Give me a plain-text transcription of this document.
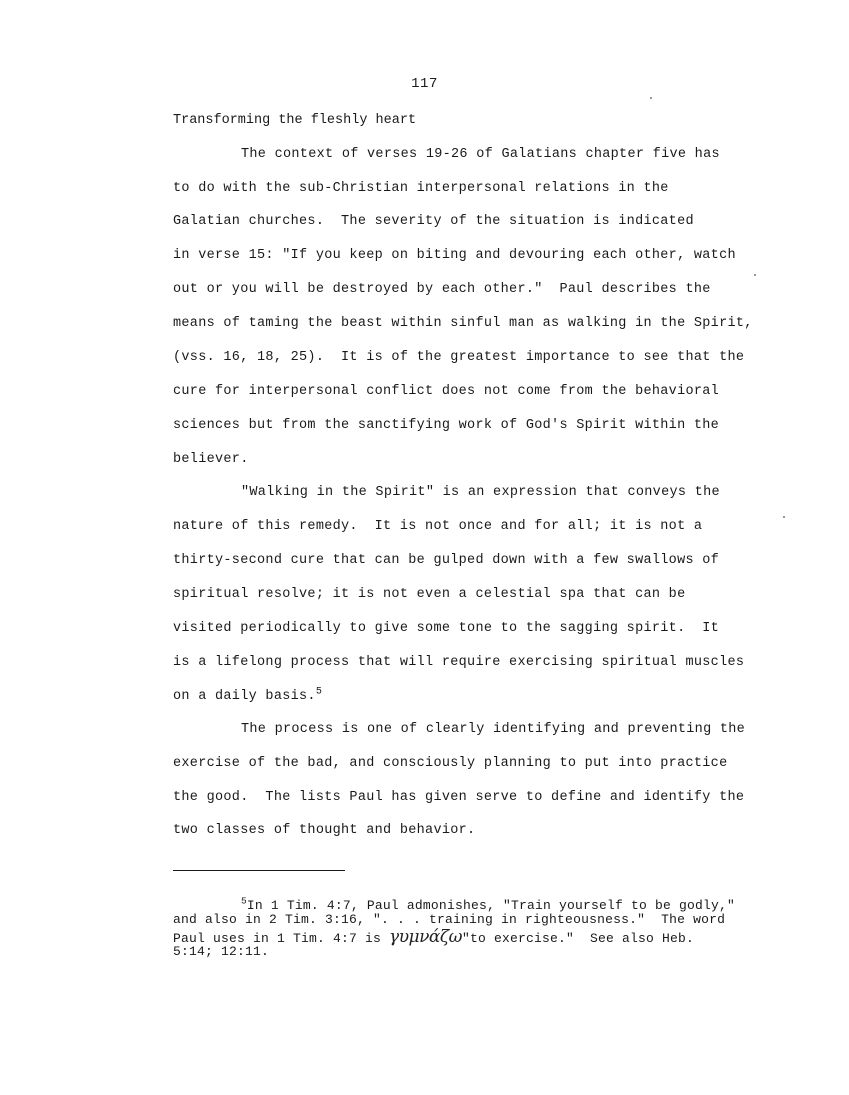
117
Transforming the fleshly heart
The context of verses 19-26 of Galatians chapter five has
to do with the sub-Christian interpersonal relations in the
Galatian churches.  The severity of the situation is indicated
in verse 15: "If you keep on biting and devouring each other, watch
out or you will be destroyed by each other."  Paul describes the
means of taming the beast within sinful man as walking in the Spirit,
(vss. 16, 18, 25).  It is of the greatest importance to see that the
cure for interpersonal conflict does not come from the behavioral
sciences but from the sanctifying work of God's Spirit within the
believer.
"Walking in the Spirit" is an expression that conveys the
nature of this remedy.  It is not once and for all; it is not a
thirty-second cure that can be gulped down with a few swallows of
spiritual resolve; it is not even a celestial spa that can be
visited periodically to give some tone to the sagging spirit.  It
is a lifelong process that will require exercising spiritual muscles
on a daily basis.$^5$
The process is one of clearly identifying and preventing the
exercise of the bad, and consciously planning to put into practice
the good.  The lists Paul has given serve to define and identify the
two classes of thought and behavior.
$^5$In 1 Tim. 4:7, Paul admonishes, "Train yourself to be godly,"
and also in 2 Tim. 3:16, ". . . training in righteousness."  The word
Paul uses in 1 Tim. 4:7 is γυμνάζω"to exercise."  See also Heb.
5:14; 12:11.
